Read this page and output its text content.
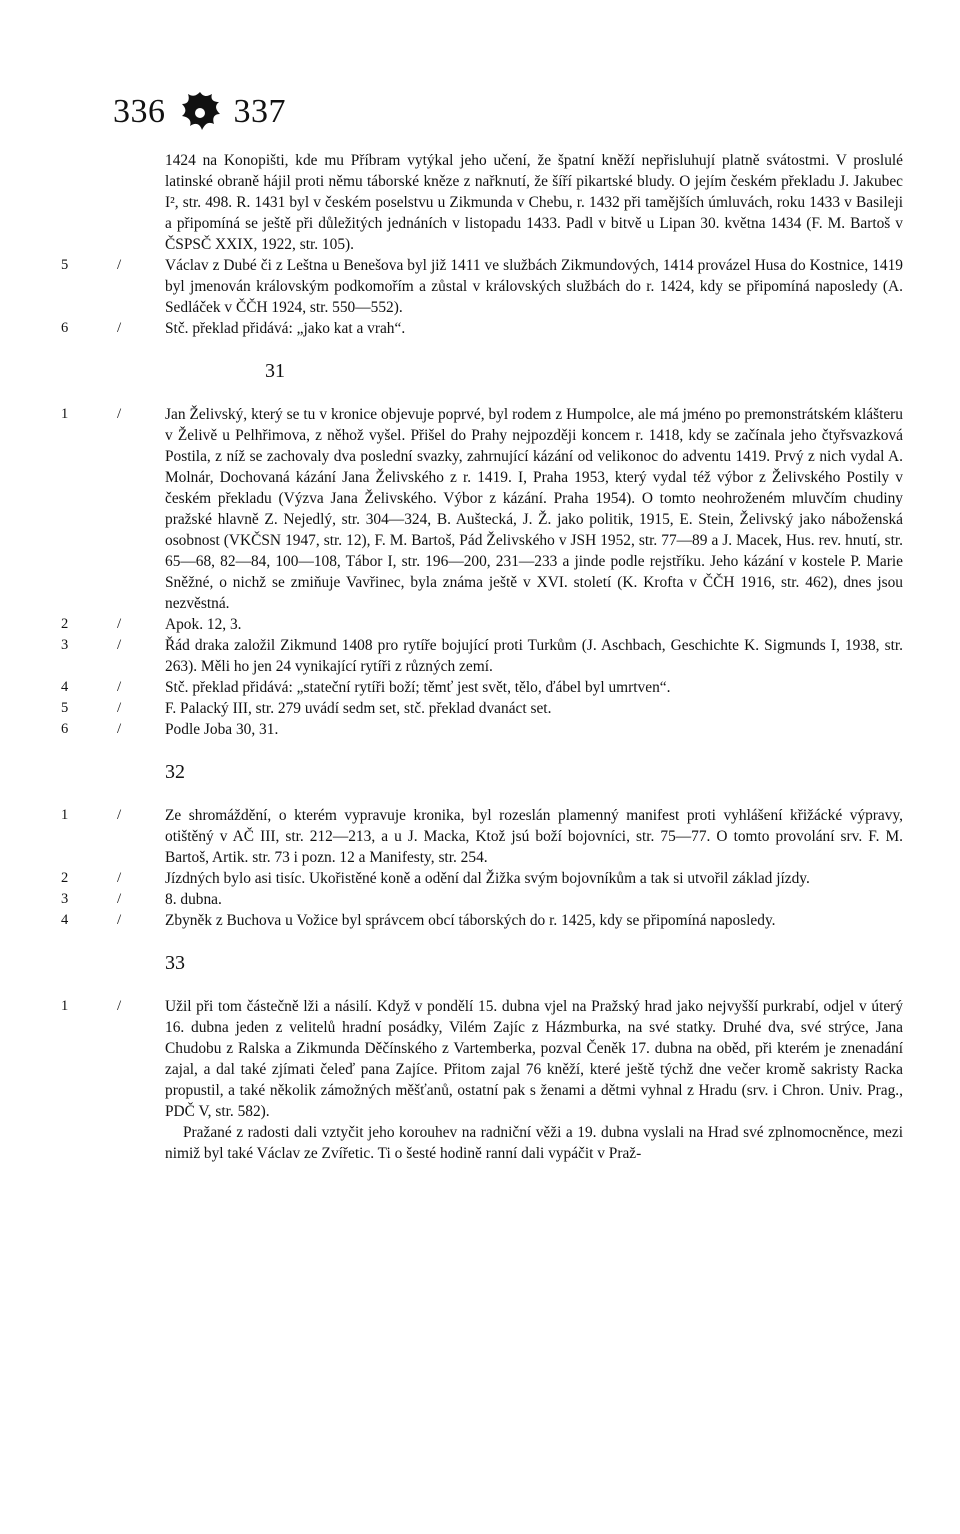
336 337

1424 na Konopišti, kde mu Příbram vytýkal jeho učení, že špatní kněží nepřisluhují platně svátostmi. V proslulé latinské obraně hájil proti němu táborské kněze z nařknutí, že šíří pikartské bludy. O jejím českém překladu J. Jakubec I², str. 498. R. 1431 byl v českém poselstvu u Zikmunda v Chebu, r. 1432 při tamějších úmluvách, roku 1433 v Basileji a připomíná se ještě při důležitých jednáních v listopadu 1433. Padl v bitvě u Lipan 30. května 1434 (F. M. Bartoš v ČSPSČ XXIX, 1922, str. 105).

5	/	Václav z Dubé či z Leštna u Benešova byl již 1411 ve službách Zikmundových, 1414 provázel Husa do Kostnice, 1419 byl jmenován královským podkomořím a zůstal v královských službách do r. 1424, kdy se připomíná naposledy (A. Sedláček v ČČH 1924, str. 550—552).

6	/	Stč. překlad přidává: „jako kat a vrah“.

31

1	/	Jan Želivský, který se tu v kronice objevuje poprvé, byl rodem z Humpolce, ale má jméno po premonstrátském klášteru v Želivě u Pelhřimova, z něhož vyšel. Přišel do Prahy nejpozději koncem r. 1418, kdy se začínala jeho čtyřsvazková Postila, z níž se zachovaly dva poslední svazky, zahrnující kázání od velikonoc do adventu 1419. Prvý z nich vydal A. Molnár, Dochovaná kázání Jana Želivského z r. 1419. I, Praha 1953, který vydal též výbor z Želivského Postily v českém překladu (Výzva Jana Želivského. Výbor z kázání. Praha 1954). O tomto neohroženém mluvčím chudiny pražské hlavně Z. Nejedlý, str. 304—324, B. Auštecká, J. Ž. jako politik, 1915, E. Stein, Želivský jako náboženská osobnost (VKČSN 1947, str. 12), F. M. Bartoš, Pád Želivského v JSH 1952, str. 77—89 a J. Macek, Hus. rev. hnutí, str. 65—68, 82—84, 100—108, Tábor I, str. 196—200, 231—233 a jinde podle rejstříku. Jeho kázání v kostele P. Marie Sněžné, o nichž se zmiňuje Vavřinec, byla známa ještě v XVI. století (K. Krofta v ČČH 1916, str. 462), dnes jsou nezvěstná.

2	/	Apok. 12, 3.

3	/	Řád draka založil Zikmund 1408 pro rytíře bojující proti Turkům (J. Aschbach, Geschichte K. Sigmunds I, 1938, str. 263). Měli ho jen 24 vynikající rytíři z různých zemí.

4	/	Stč. překlad přidává: „stateční rytíři boží; těmť jest svět, tělo, ďábel byl umrtven“.

5	/	F. Palacký III, str. 279 uvádí sedm set, stč. překlad dvanáct set.

6	/	Podle Joba 30, 31.

32

1	/	Ze shromáždění, o kterém vypravuje kronika, byl rozeslán plamenný manifest proti vyhlášení křižácké výpravy, otištěný v AČ III, str. 212—213, a u J. Macka, Ktož jsú boží bojovníci, str. 75—77. O tomto provolání srv. F. M. Bartoš, Artik. str. 73 i pozn. 12 a Manifesty, str. 254.

2	/	Jízdných bylo asi tisíc. Ukořistěné koně a odění dal Žižka svým bojovníkům a tak si utvořil základ jízdy.

3	/	8. dubna.

4	/	Zbyněk z Buchova u Vožice byl správcem obcí táborských do r. 1425, kdy se připomíná naposledy.

33

1	/	Užil při tom částečně lži a násilí. Když v pondělí 15. dubna vjel na Pražský hrad jako nejvyšší purkrabí, odjel v úterý 16. dubna jeden z velitelů hradní posádky, Vilém Zajíc z Házmburka, na své statky. Druhé dva, své strýce, Jana Chudobu z Ralska a Zikmunda Děčínského z Vartemberka, pozval Čeněk 17. dubna na oběd, při kterém je znenadání zajal, a dal také zjímati čeleď pana Zajíce. Přitom zajal 76 kněží, které ještě týchž dne večer kromě sakristy Racka propustil, a také několik zámožných měšťanů, ostatní pak s ženami a dětmi vyhnal z Hradu (srv. i Chron. Univ. Prag., PDČ V, str. 582).

Pražané z radosti dali vztyčit jeho korouhev na radniční věži a 19. dubna vyslali na Hrad své zplnomocněnce, mezi nimiž byl také Václav ze Zvířetic. Ti o šesté hodině ranní dali vypáčit v Praž-
